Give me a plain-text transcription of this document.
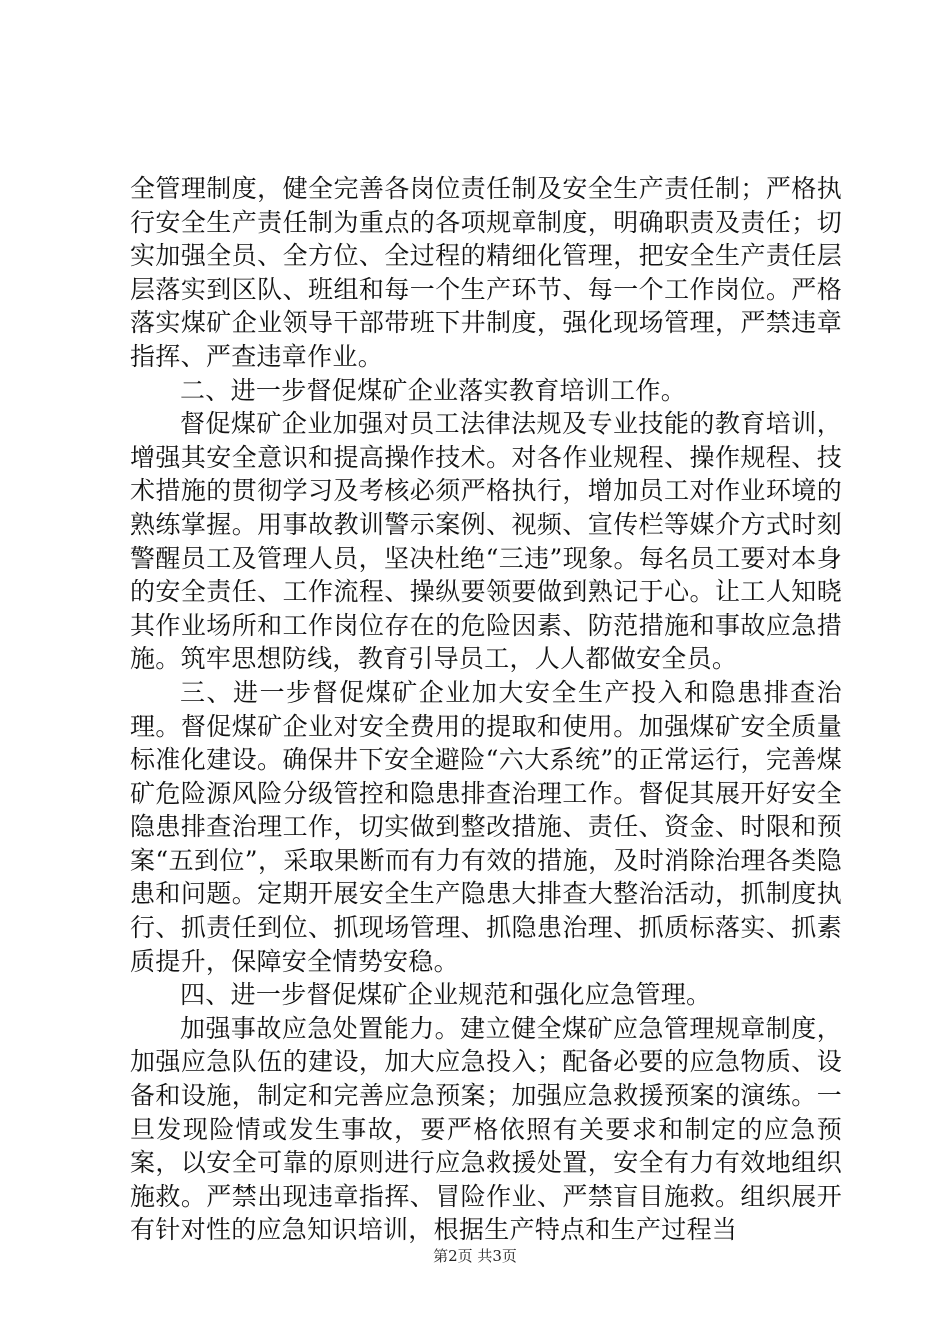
全管理制度，健全完善各岗位责任制及安全生产责任制；严格执行安全生产责任制为重点的各项规章制度，明确职责及责任；切实加强全员、全方位、全过程的精细化管理，把安全生产责任层层落实到区队、班组和每一个生产环节、每一个工作岗位。严格落实煤矿企业领导干部带班下井制度，强化现场管理，严禁违章指挥、严查违章作业。

二、进一步督促煤矿企业落实教育培训工作。

督促煤矿企业加强对员工法律法规及专业技能的教育培训，增强其安全意识和提高操作技术。对各作业规程、操作规程、技术措施的贯彻学习及考核必须严格执行，增加员工对作业环境的熟练掌握。用事故教训警示案例、视频、宣传栏等媒介方式时刻警醒员工及管理人员，坚决杜绝“三违”现象。每名员工要对本身的安全责任、工作流程、操纵要领要做到熟记于心。让工人知晓其作业场所和工作岗位存在的危险因素、防范措施和事故应急措施。筑牢思想防线，教育引导员工，人人都做安全员。

三、进一步督促煤矿企业加大安全生产投入和隐患排查治理。督促煤矿企业对安全费用的提取和使用。加强煤矿安全质量标准化建设。确保井下安全避险“六大系统”的正常运行，完善煤矿危险源风险分级管控和隐患排查治理工作。督促其展开好安全隐患排查治理工作，切实做到整改措施、责任、资金、时限和预案“五到位”，采取果断而有力有效的措施，及时消除治理各类隐患和问题。定期开展安全生产隐患大排查大整治活动，抓制度执行、抓责任到位、抓现场管理、抓隐患治理、抓质标落实、抓素质提升，保障安全情势安稳。

四、进一步督促煤矿企业规范和强化应急管理。

加强事故应急处置能力。建立健全煤矿应急管理规章制度，加强应急队伍的建设，加大应急投入；配备必要的应急物质、设备和设施，制定和完善应急预案；加强应急救援预案的演练。一旦发现险情或发生事故，要严格依照有关要求和制定的应急预案，以安全可靠的原则进行应急救援处置，安全有力有效地组织施救。严禁出现违章指挥、冒险作业、严禁盲目施救。组织展开有针对性的应急知识培训，根据生产特点和生产过程当

第2页 共3页
